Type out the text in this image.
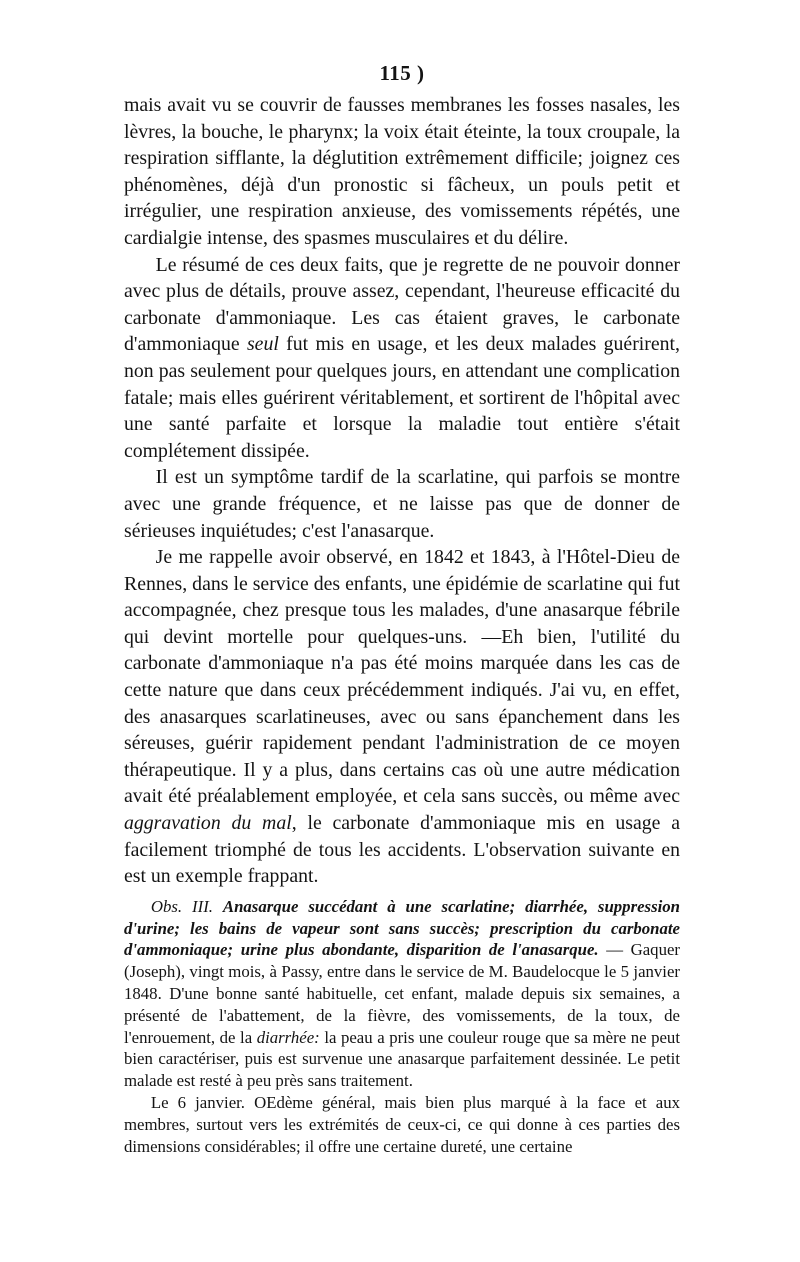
115 )

mais avait vu se couvrir de fausses membranes les fosses nasales, les lèvres, la bouche, le pharynx; la voix était éteinte, la toux croupale, la respiration sifflante, la déglutition extrêmement difficile; joignez ces phénomènes, déjà d'un pronostic si fâcheux, un pouls petit et irrégulier, une respiration anxieuse, des vomissements répétés, une cardialgie intense, des spasmes musculaires et du délire.

Le résumé de ces deux faits, que je regrette de ne pouvoir donner avec plus de détails, prouve assez, cependant, l'heureuse efficacité du carbonate d'ammoniaque. Les cas étaient graves, le carbonate d'ammoniaque seul fut mis en usage, et les deux malades guérirent, non pas seulement pour quelques jours, en attendant une complication fatale; mais elles guérirent véritablement, et sortirent de l'hôpital avec une santé parfaite et lorsque la maladie tout entière s'était complétement dissipée.

Il est un symptôme tardif de la scarlatine, qui parfois se montre avec une grande fréquence, et ne laisse pas que de donner de sérieuses inquiétudes; c'est l'anasarque.

Je me rappelle avoir observé, en 1842 et 1843, à l'Hôtel-Dieu de Rennes, dans le service des enfants, une épidémie de scarlatine qui fut accompagnée, chez presque tous les malades, d'une anasarque fébrile qui devint mortelle pour quelques-uns. —Eh bien, l'utilité du carbonate d'ammoniaque n'a pas été moins marquée dans les cas de cette nature que dans ceux précédemment indiqués. J'ai vu, en effet, des anasarques scarlatineuses, avec ou sans épanchement dans les séreuses, guérir rapidement pendant l'administration de ce moyen thérapeutique. Il y a plus, dans certains cas où une autre médication avait été préalablement employée, et cela sans succès, ou même avec aggravation du mal, le carbonate d'ammoniaque mis en usage a facilement triomphé de tous les accidents. L'observation suivante en est un exemple frappant.

Obs. III. Anasarque succédant à une scarlatine; diarrhée, suppression d'urine; les bains de vapeur sont sans succès; prescription du carbonate d'ammoniaque; urine plus abondante, disparition de l'anasarque. — Gaquer (Joseph), vingt mois, à Passy, entre dans le service de M. Baudelocque le 5 janvier 1848. D'une bonne santé habituelle, cet enfant, malade depuis six semaines, a présenté de l'abattement, de la fièvre, des vomissements, de la toux, de l'enrouement, de la diarrhée: la peau a pris une couleur rouge que sa mère ne peut bien caractériser, puis est survenue une anasarque parfaitement dessinée. Le petit malade est resté à peu près sans traitement.

Le 6 janvier. OEdème général, mais bien plus marqué à la face et aux membres, surtout vers les extrémités de ceux-ci, ce qui donne à ces parties des dimensions considérables; il offre une certaine dureté, une certaine
